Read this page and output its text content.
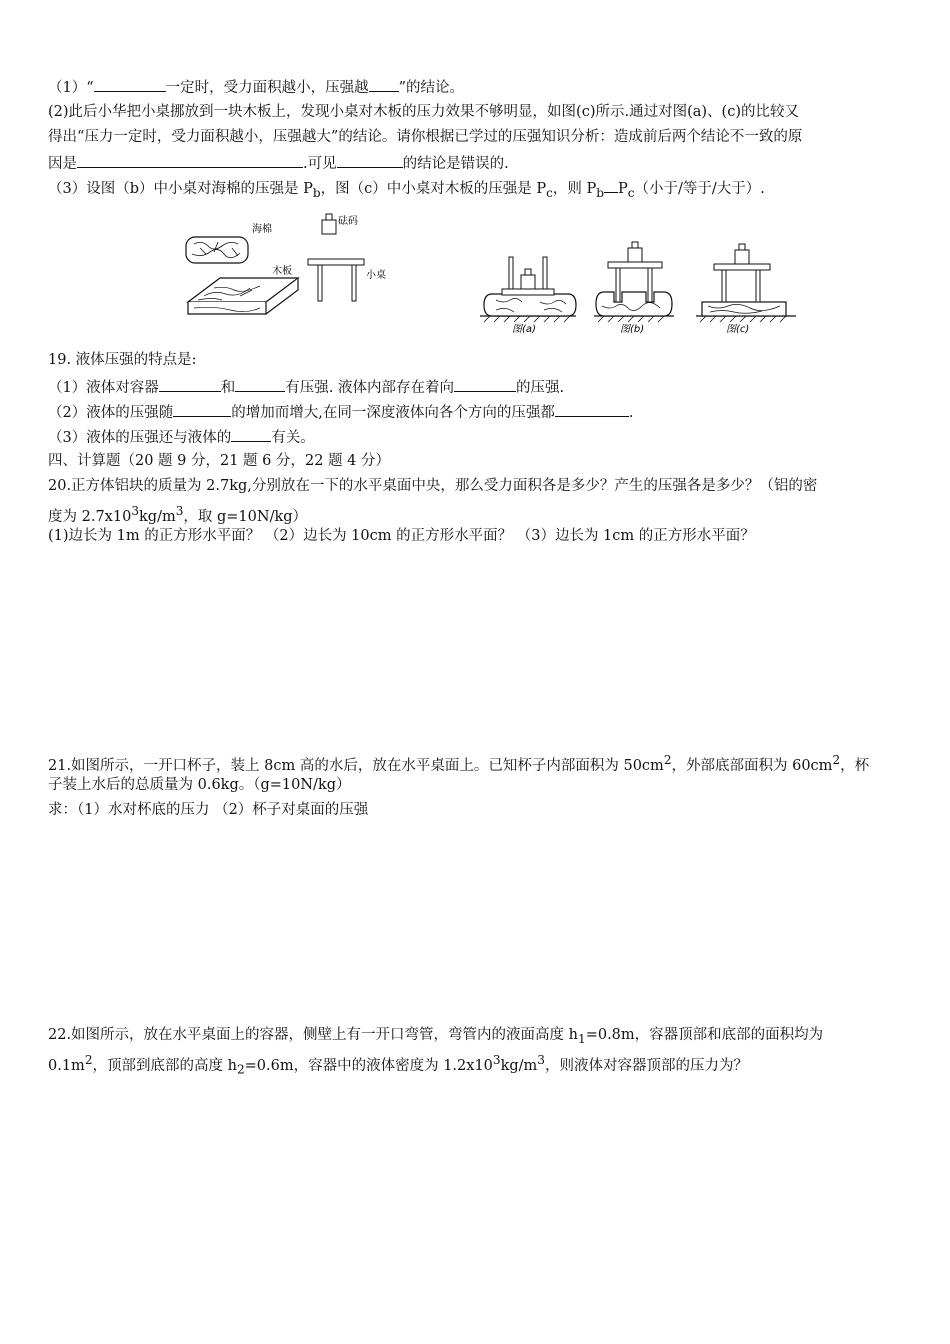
（1）“	一定时，受力面积越小，压强越 ”的结论。
(2)此后小华把小桌挪放到一块木板上，发现小桌对木板的压力效果不够明显，如图(c)所示.通过对图(a)、(c)的比较又
得出“压力一定时，受力面积越小，压强越大”的结论。请你根据已学过的压强知识分析：造成前后两个结论不一致的原
因是	.可见	的结论是错误的.
（3）设图（b）中小桌对海棉的压强是 $P_b$，图（c）中小桌对木板的压强是 $P_c$，则 $P_b$ $P_c$（小于/等于/大于）.
海棉
砝码
木板	小桌
图(a)	图(b)	图(c)
19. 液体压强的特点是:
（1）液体对容器	和	有压强. 液体内部存在着向	的压强.
（2）液体的压强随	的增加而增大,在同一深度液体向各个方向的压强都	.
（3）液体的压强还与液体的	有关。
四、计算题（20 题 9 分，21 题 6 分，22 题 4 分）
20.正方体铝块的质量为 2.7kg,分别放在一下的水平桌面中央，那么受力面积各是多少？产生的压强各是多少？（铝的密
度为 $2.7x10^3kg/m^3$，取 g=10N/kg）
(1)边长为 1m 的正方形水平面？ （2）边长为 10cm 的正方形水平面？ （3）边长为 1cm 的正方形水平面？
21.如图所示，一开口杯子，装上 8cm 高的水后，放在水平桌面上。已知杯子内部面积为 $50cm^2$，外部底部面积为 $60cm^2$，杯
子装上水后的总质量为 0.6kg。（g=10N/kg）
求：（1）水对杯底的压力 （2）杯子对桌面的压强
22.如图所示，放在水平桌面上的容器，侧壁上有一开口弯管，弯管内的液面高度 $h_1=0.8m$，容器顶部和底部的面积均为
$0.1m^2$，顶部到底部的高度 $h_2=0.6m$，容器中的液体密度为 $1.2x10^3kg/m^3$，则液体对容器顶部的压力为？
